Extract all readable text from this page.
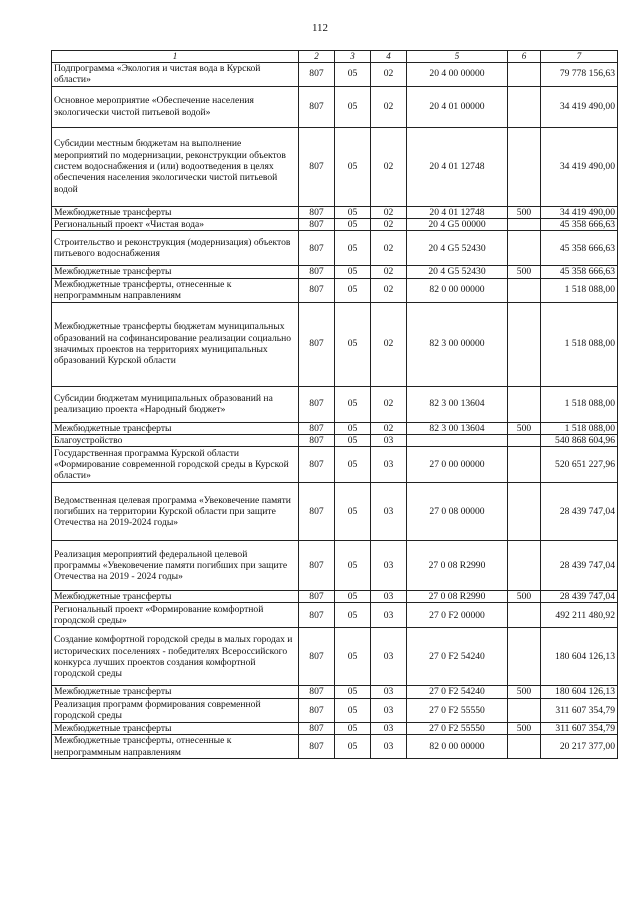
112
1	2	3	4	5	6	7
Подпрограмма «Экология и чистая вода в Курской области»	807	05	02	20 4 00 00000		79 778 156,63
Основное мероприятие «Обеспечение населения экологически чистой питьевой водой»	807	05	02	20 4 01 00000		34 419 490,00
Субсидии местным бюджетам на выполнение мероприятий по модернизации, реконструкции объектов систем водоснабжения и (или) водоотведения в целях обеспечения населения экологически чистой питьевой водой	807	05	02	20 4 01 12748		34 419 490,00
Межбюджетные трансферты	807	05	02	20 4 01 12748	500	34 419 490,00
Региональный проект «Чистая вода»	807	05	02	20 4 G5 00000		45 358 666,63
Строительство и реконструкция (модернизация) объектов питьевого водоснабжения	807	05	02	20 4 G5 52430		45 358 666,63
Межбюджетные трансферты	807	05	02	20 4 G5 52430	500	45 358 666,63
Межбюджетные трансферты, отнесенные к непрограммным направлениям	807	05	02	82 0 00 00000		1 518 088,00
Межбюджетные трансферты бюджетам муниципальных образований на софинансирование реализации социально значимых проектов на территориях муниципальных образований Курской области	807	05	02	82 3 00 00000		1 518 088,00
Субсидии бюджетам муниципальных образований на реализацию проекта «Народный бюджет»	807	05	02	82 3 00 13604		1 518 088,00
Межбюджетные трансферты	807	05	02	82 3 00 13604	500	1 518 088,00
Благоустройство	807	05	03			540 868 604,96
Государственная программа Курской области «Формирование современной городской среды в Курской области»	807	05	03	27 0 00 00000		520 651 227,96
Ведомственная целевая программа «Увековечение памяти погибших на территории Курской области при защите Отечества на 2019-2024 годы»	807	05	03	27 0 08 00000		28 439 747,04
Реализация мероприятий федеральной целевой программы «Увековечение памяти погибших при защите Отечества на 2019 - 2024 годы»	807	05	03	27 0 08 R2990		28 439 747,04
Межбюджетные трансферты	807	05	03	27 0 08 R2990	500	28 439 747,04
Региональный проект «Формирование комфортной городской среды»	807	05	03	27 0 F2 00000		492 211 480,92
Создание комфортной городской среды в малых городах и исторических поселениях - победителях Всероссийского конкурса лучших проектов создания комфортной городской среды	807	05	03	27 0 F2 54240		180 604 126,13
Межбюджетные трансферты	807	05	03	27 0 F2 54240	500	180 604 126,13
Реализация программ формирования современной городской среды	807	05	03	27 0 F2 55550		311 607 354,79
Межбюджетные трансферты	807	05	03	27 0 F2 55550	500	311 607 354,79
Межбюджетные трансферты, отнесенные к непрограммным направлениям	807	05	03	82 0 00 00000		20 217 377,00
